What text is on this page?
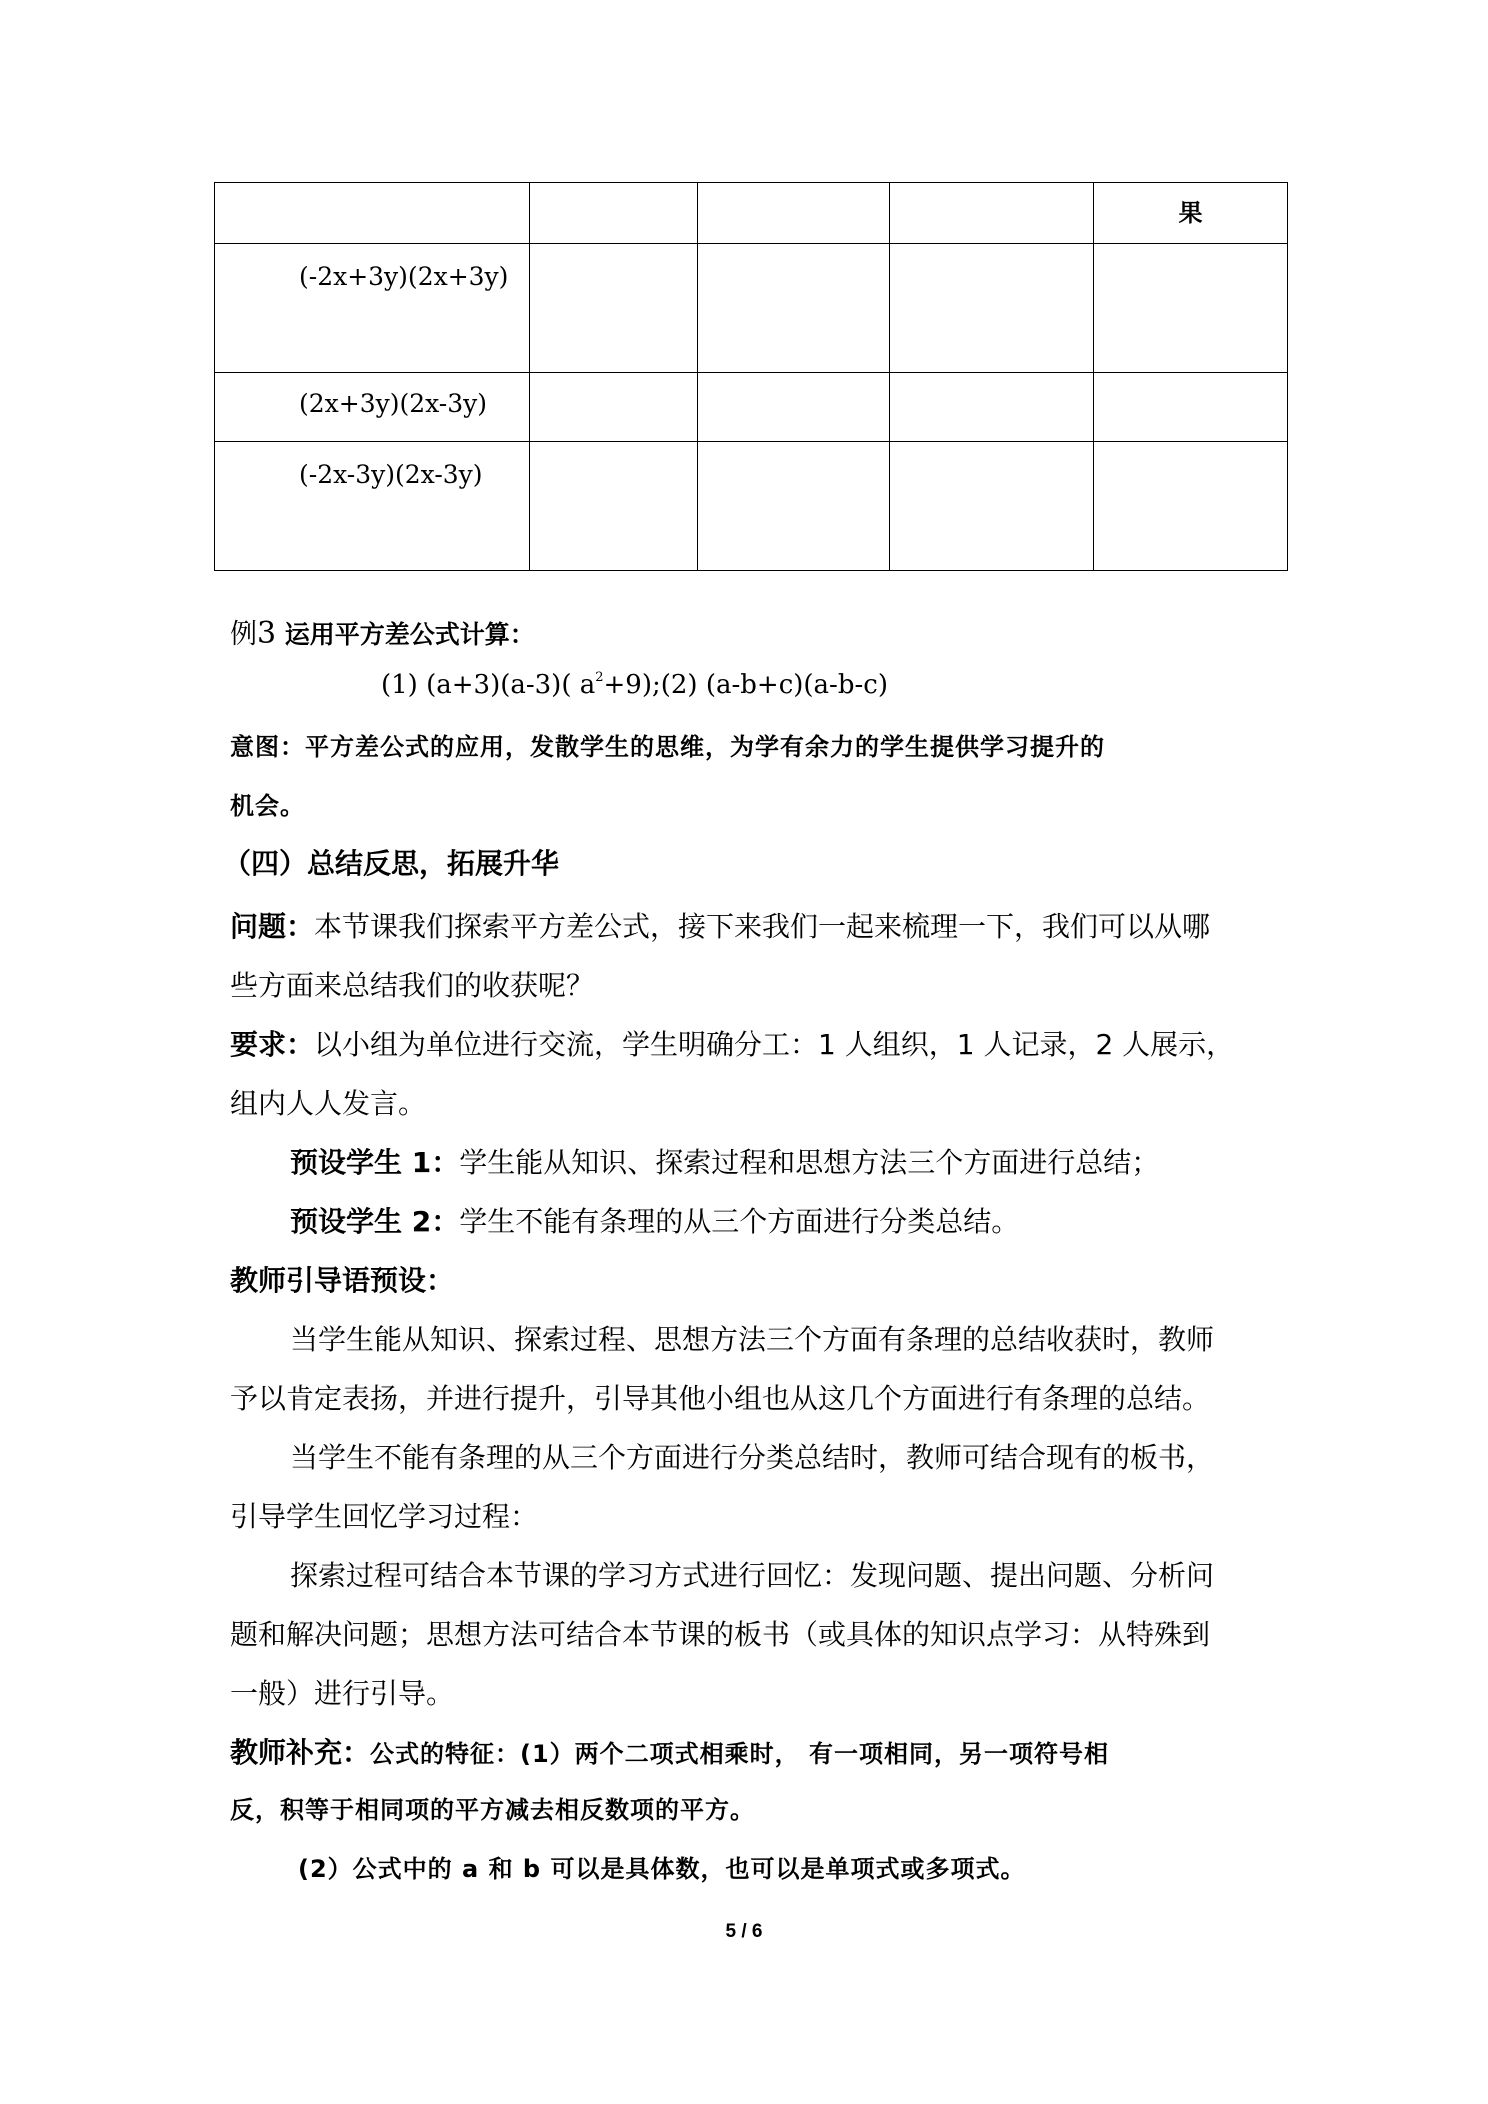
				果
(-2x+3y)(2x+3y)				
(2x+3y)(2x-3y)				
(-2x-3y)(2x-3y)				
例3 运用平方差公式计算：
(1) (a+3)(a-3)( $a^2+9);(2)$ (a-b+c)(a-b-c)
意图：平方差公式的应用，发散学生的思维，为学有余力的学生提供学习提升的
机会。
（四）总结反思，拓展升华
问题：本节课我们探索平方差公式，接下来我们一起来梳理一下，我们可以从哪
些方面来总结我们的收获呢？
要求：以小组为单位进行交流，学生明确分工：1 人组织，1 人记录，2 人展示，
组内人人发言。
预设学生 1：学生能从知识、探索过程和思想方法三个方面进行总结；
预设学生 2：学生不能有条理的从三个方面进行分类总结。
教师引导语预设：
当学生能从知识、探索过程、思想方法三个方面有条理的总结收获时，教师
予以肯定表扬，并进行提升，引导其他小组也从这几个方面进行有条理的总结。
当学生不能有条理的从三个方面进行分类总结时，教师可结合现有的板书，
引导学生回忆学习过程：
探索过程可结合本节课的学习方式进行回忆：发现问题、提出问题、分析问
题和解决问题；思想方法可结合本节课的板书（或具体的知识点学习：从特殊到
一般）进行引导。
教师补充：公式的特征：(1）两个二项式相乘时， 有一项相同，另一项符号相
反，积等于相同项的平方减去相反数项的平方。
(2）公式中的 a 和 b 可以是具体数，也可以是单项式或多项式。
5 / 6
